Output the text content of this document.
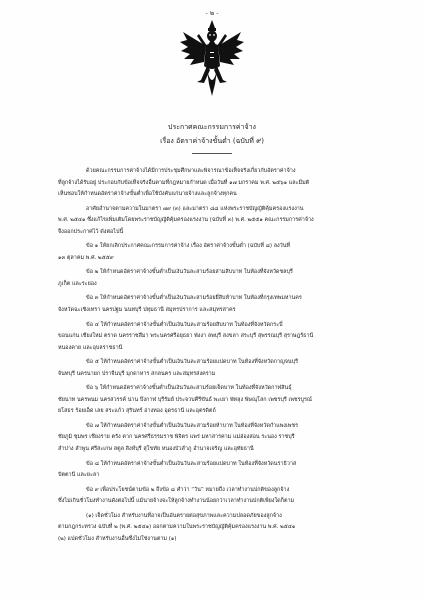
- ๒ -
ประกาศคณะกรรมการค่าจ้าง
เรื่อง อัตราค่าจ้างขั้นต่ำ (ฉบับที่ ๙)
ด้วยคณะกรรมการค่าจ้างได้มีการประชุมศึกษาและพิจารณาข้อเท็จจริงเกี่ยวกับอัตราค่าจ้าง
ที่ลูกจ้างได้รับอยู่ ประกอบกับข้อเท็จจริงอื่นตามที่กฎหมายกำหนด เมื่อวันที่ ๑๗ มกราคม พ.ศ. ๒๕๖๑ และมีมติ
เห็นชอบให้กำหนดอัตราค่าจ้างขั้นต่ำเพื่อใช้บังคับแก่นายจ้างและลูกจ้างทุกคน
อาศัยอำนาจตามความในมาตรา ๗๙ (๓) และมาตรา ๘๘ แห่งพระราชบัญญัติคุ้มครองแรงงาน
พ.ศ. ๒๕๔๑ ซึ่งแก้ไขเพิ่มเติมโดยพระราชบัญญัติคุ้มครองแรงงาน (ฉบับที่ ๓) พ.ศ. ๒๕๕๑ คณะกรรมการค่าจ้าง
จึงออกประกาศไว้ ดังต่อไปนี้
ข้อ ๑ ให้ยกเลิกประกาศคณะกรรมการค่าจ้าง เรื่อง อัตราค่าจ้างขั้นต่ำ (ฉบับที่ ๘) ลงวันที่
๑๓ ตุลาคม พ.ศ. ๒๕๕๙
ข้อ ๒ ให้กำหนดอัตราค่าจ้างขั้นต่ำเป็นเงินวันละสามร้อยสามสิบบาท ในท้องที่จังหวัดชลบุรี
ภูเก็ต และระยอง
ข้อ ๓ ให้กำหนดอัตราค่าจ้างขั้นต่ำเป็นเงินวันละสามร้อยยี่สิบห้าบาท ในท้องที่กรุงเทพมหานคร
จังหวัดฉะเชิงเทรา นครปฐม นนทบุรี ปทุมธานี สมุทรปราการ และสมุทรสาคร
ข้อ ๔ ให้กำหนดอัตราค่าจ้างขั้นต่ำเป็นเงินวันละสามร้อยสิบบาท ในท้องที่จังหวัดกระบี่
ขอนแก่น เชียงใหม่ ตราด นครราชสีมา พระนครศรีอยุธยา พังงา ลพบุรี สงขลา สระบุรี สุพรรณบุรี สุราษฎร์ธานี
หนองคาย และอุบลราชธานี
ข้อ ๕ ให้กำหนดอัตราค่าจ้างขั้นต่ำเป็นเงินวันละสามร้อยแปดบาท ในท้องที่จังหวัดกาญจนบุรี
จันทบุรี นครนายก ปราจีนบุรี มุกดาหาร สกลนคร และสมุทรสงคราม
ข้อ ๖ ให้กำหนดอัตราค่าจ้างขั้นต่ำเป็นเงินวันละสามร้อยเจ็ดบาท ในท้องที่จังหวัดกาฬสินธุ์
ชัยนาท นครพนม นครสวรรค์ น่าน บึงกาฬ บุรีรัมย์ ประจวบคีรีขันธ์ พะเยา พัทลุง พิษณุโลก เพชรบุรี เพชรบูรณ์
ยโสธร ร้อยเอ็ด เลย สระแก้ว สุรินทร์ อ่างทอง อุดรธานี และอุตรดิตถ์
ข้อ ๗ ให้กำหนดอัตราค่าจ้างขั้นต่ำเป็นเงินวันละสามร้อยห้าบาท ในท้องที่จังหวัดกำแพงเพชร
ชัยภูมิ ชุมพร เชียงราย ตรัง ตาก นครศรีธรรมราช พิจิตร แพร่ มหาสารคาม แม่ฮ่องสอน ระนอง ราชบุรี
ลำปาง ลำพูน ศรีสะเกษ สตูล สิงห์บุรี สุโขทัย หนองบัวลำภู อำนาจเจริญ และอุทัยธานี
ข้อ ๘ ให้กำหนดอัตราค่าจ้างขั้นต่ำเป็นเงินวันละสามร้อยแปดบาท ในท้องที่จังหวัดนราธิวาส
ปัตตานี และยะลา
ข้อ ๙ เพื่อประโยชน์ตามข้อ ๒ ถึงข้อ ๘ คำว่า “วัน” หมายถึง เวลาทำงานปกติของลูกจ้าง
ซึ่งไม่เกินชั่วโมงทำงานดังต่อไปนี้ แม้นายจ้างจะให้ลูกจ้างทำงานน้อยกว่าเวลาทำงานปกติเพียงใดก็ตาม
(๑) เจ็ดชั่วโมง สำหรับงานที่อาจเป็นอันตรายต่อสุขภาพและความปลอดภัยของลูกจ้าง
ตามกฎกระทรวง ฉบับที่ ๒ (พ.ศ. ๒๕๔๑) ออกตามความในพระราชบัญญัติคุ้มครองแรงงาน พ.ศ. ๒๕๔๑
(๒) แปดชั่วโมง สำหรับงานอื่นซึ่งไม่ใช่งานตาม (๑)
